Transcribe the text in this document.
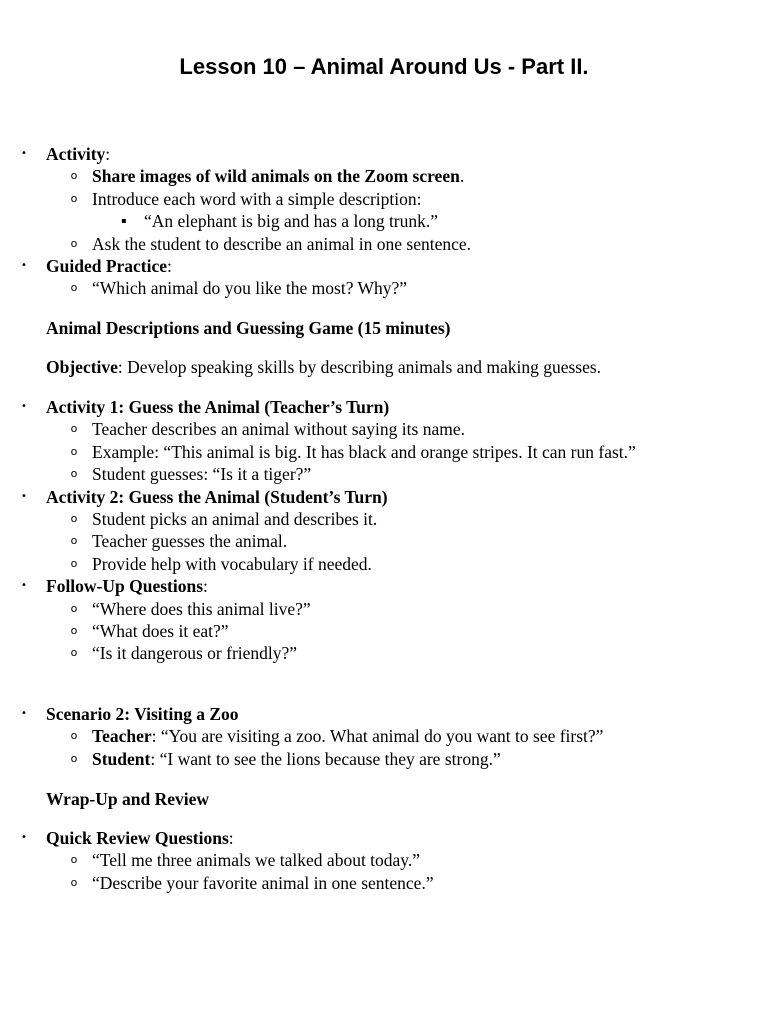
Lesson 10 – Animal Around Us - Part II.
•	Activity:
o Share images of wild animals on the Zoom screen.
o Introduce each word with a simple description:
▪ “An elephant is big and has a long trunk.”
o Ask the student to describe an animal in one sentence.
•	Guided Practice:
o “Which animal do you like the most? Why?”
Animal Descriptions and Guessing Game (15 minutes)
Objective: Develop speaking skills by describing animals and making guesses.
•	Activity 1: Guess the Animal (Teacher’s Turn)
o Teacher describes an animal without saying its name.
o Example: “This animal is big. It has black and orange stripes. It can run fast.”
o Student guesses: “Is it a tiger?”
•	Activity 2: Guess the Animal (Student’s Turn)
o Student picks an animal and describes it.
o Teacher guesses the animal.
o Provide help with vocabulary if needed.
•	Follow-Up Questions:
o “Where does this animal live?”
o “What does it eat?”
o “Is it dangerous or friendly?”
•	Scenario 2: Visiting a Zoo
o Teacher: “You are visiting a zoo. What animal do you want to see first?”
o Student: “I want to see the lions because they are strong.”
Wrap-Up and Review
•	Quick Review Questions:
o “Tell me three animals we talked about today.”
o “Describe your favorite animal in one sentence.”
